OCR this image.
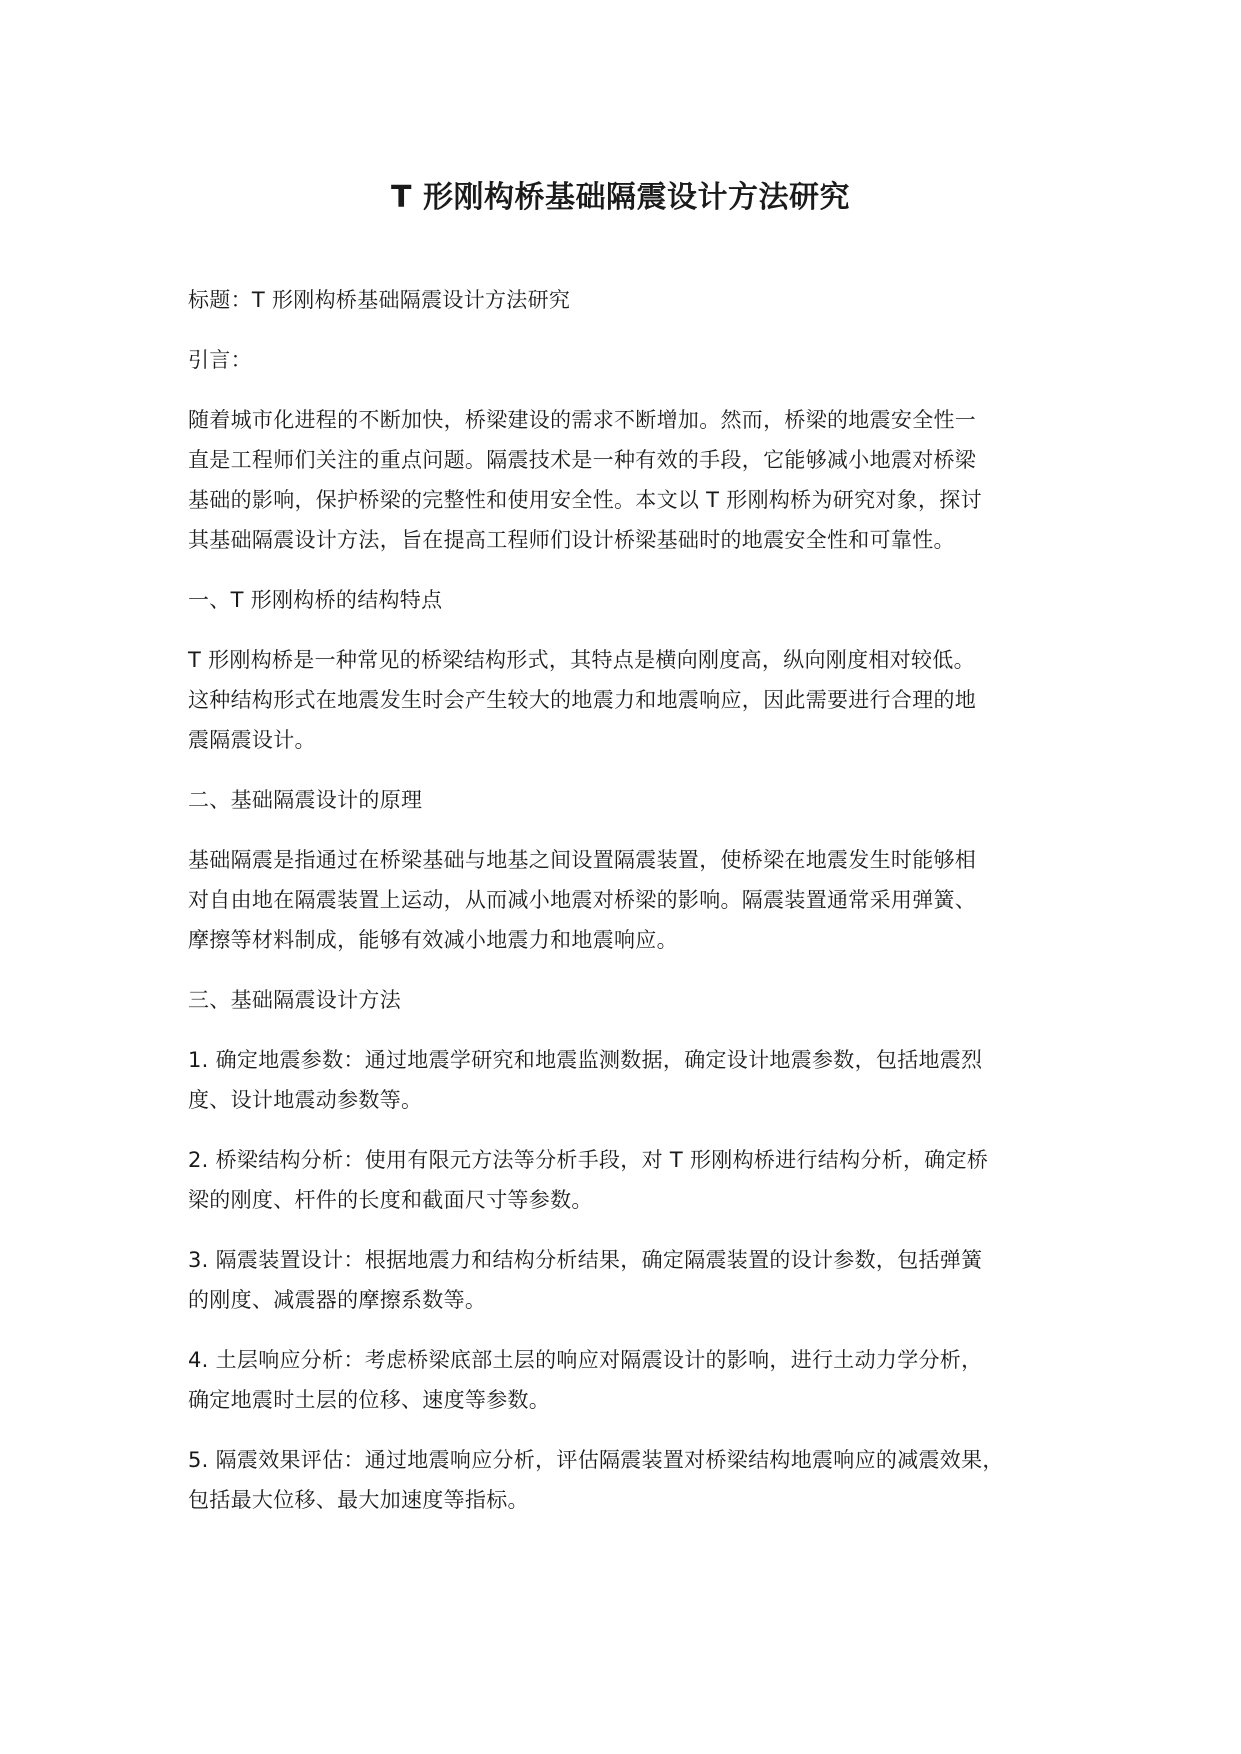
T 形刚构桥基础隔震设计方法研究

标题：T 形刚构桥基础隔震设计方法研究

引言：

随着城市化进程的不断加快，桥梁建设的需求不断增加。然而，桥梁的地震安全性一
直是工程师们关注的重点问题。隔震技术是一种有效的手段，它能够减小地震对桥梁
基础的影响，保护桥梁的完整性和使用安全性。本文以 T 形刚构桥为研究对象，探讨
其基础隔震设计方法，旨在提高工程师们设计桥梁基础时的地震安全性和可靠性。

一、T 形刚构桥的结构特点

T 形刚构桥是一种常见的桥梁结构形式，其特点是横向刚度高，纵向刚度相对较低。
这种结构形式在地震发生时会产生较大的地震力和地震响应，因此需要进行合理的地
震隔震设计。

二、基础隔震设计的原理

基础隔震是指通过在桥梁基础与地基之间设置隔震装置，使桥梁在地震发生时能够相
对自由地在隔震装置上运动，从而减小地震对桥梁的影响。隔震装置通常采用弹簧、
摩擦等材料制成，能够有效减小地震力和地震响应。

三、基础隔震设计方法

1. 确定地震参数：通过地震学研究和地震监测数据，确定设计地震参数，包括地震烈
度、设计地震动参数等。

2. 桥梁结构分析：使用有限元方法等分析手段，对 T 形刚构桥进行结构分析，确定桥
梁的刚度、杆件的长度和截面尺寸等参数。

3. 隔震装置设计：根据地震力和结构分析结果，确定隔震装置的设计参数，包括弹簧
的刚度、减震器的摩擦系数等。

4. 土层响应分析：考虑桥梁底部土层的响应对隔震设计的影响，进行土动力学分析，
确定地震时土层的位移、速度等参数。

5. 隔震效果评估：通过地震响应分析，评估隔震装置对桥梁结构地震响应的减震效果，
包括最大位移、最大加速度等指标。
